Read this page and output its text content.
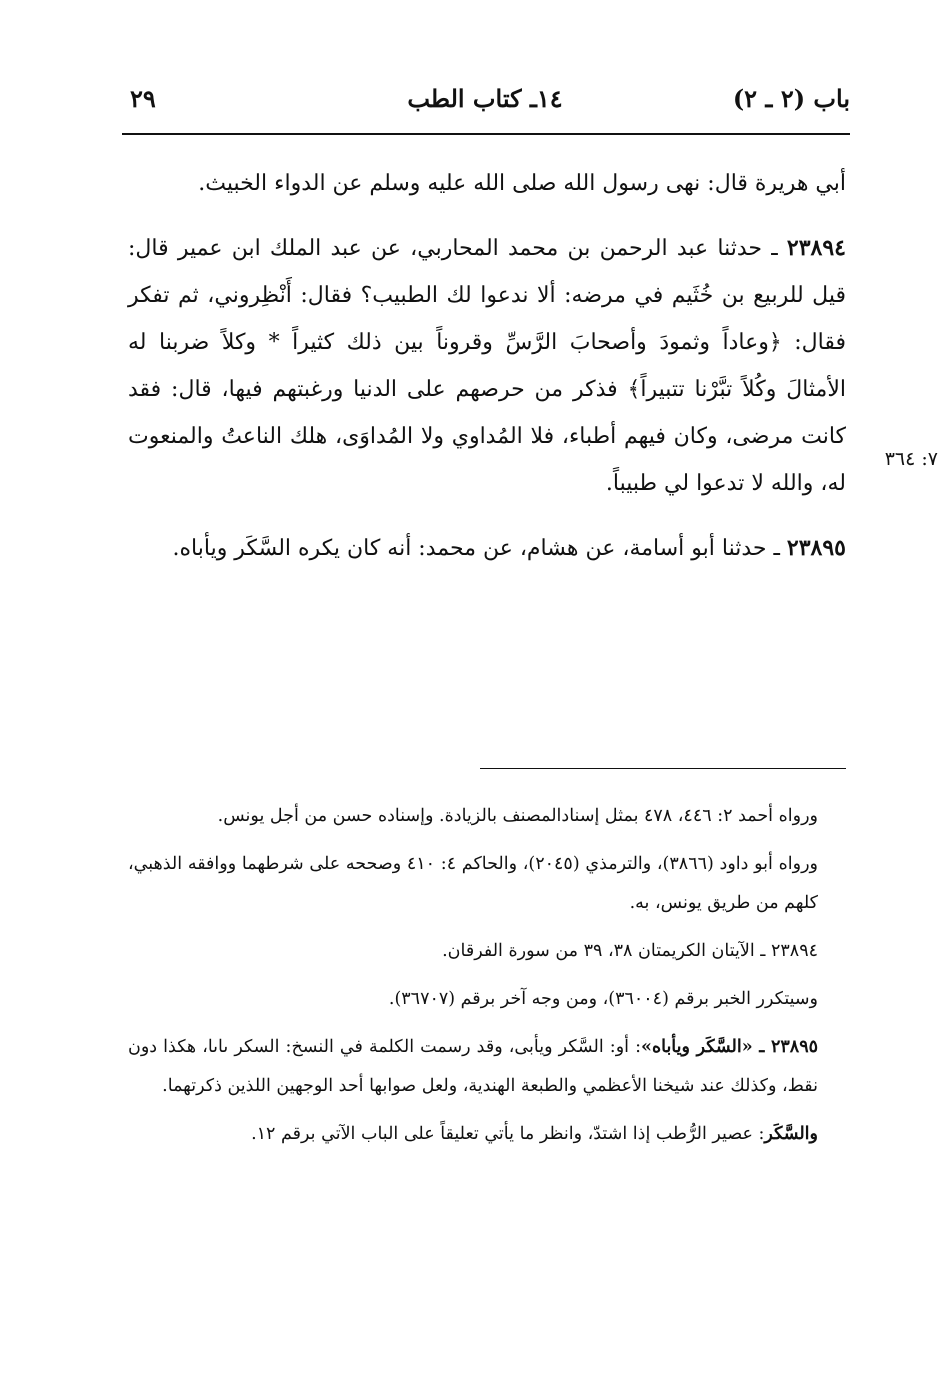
باب (٢ ـ ٢)
١٤ـ كتاب الطب
٢٩
٧: ٣٦٤

أبي هريرة قال: نهى رسول الله صلى الله عليه وسلم عن الدواء الخبيث.

٢٣٨٩٤ ـ حدثنا عبد الرحمن بن محمد المحاربي، عن عبد الملك ابن عمير قال: قيل للربيع بن خُثَيم في مرضه: ألا ندعوا لك الطبيب؟ فقال: أَنْظِروني، ثم تفكر فقال: ﴿وعاداً وثمودَ وأصحابَ الرَّسِّ وقروناً بين ذلك كثيراً * وكلاً ضربنا له الأمثالَ وكُلاً تبَّرْنا تتبيراً﴾ فذكر من حرصهم على الدنيا ورغبتهم فيها، قال: فقد كانت مرضى، وكان فيهم أطباء، فلا المُداوي ولا المُداوَى، هلك الناعتُ والمنعوت له، والله لا تدعوا لي طبيباً.

٢٣٨٩٥ ـ حدثنا أبو أسامة، عن هشام، عن محمد: أنه كان يكره السَّكَر ويأباه.

ورواه أحمد ٢: ٤٤٦، ٤٧٨ بمثل إسنادالمصنف بالزيادة. وإسناده حسن من أجل يونس.

ورواه أبو داود (٣٨٦٦)، والترمذي (٢٠٤٥)، والحاكم ٤: ٤١٠ وصححه على شرطهما ووافقه الذهبي، كلهم من طريق يونس، به.

٢٣٨٩٤ ـ الآيتان الكريمتان ٣٨، ٣٩ من سورة الفرقان.

وسيتكرر الخبر برقم (٣٦٠٠٤)، ومن وجه آخر برقم (٣٦٧٠٧).

٢٣٨٩٥ ـ «السَّكَر ويأباه»: أو: السَّكر ويأبى، وقد رسمت الكلمة في النسخ: السكر ىاىا، هكذا دون نقط، وكذلك عند شيخنا الأعظمي والطبعة الهندية، ولعل صوابها أحد الوجهين اللذين ذكرتهما.

والسَّكَر: عصير الرُّطب إذا اشتدّ، وانظر ما يأتي تعليقاً على الباب الآتي برقم ١٢.
